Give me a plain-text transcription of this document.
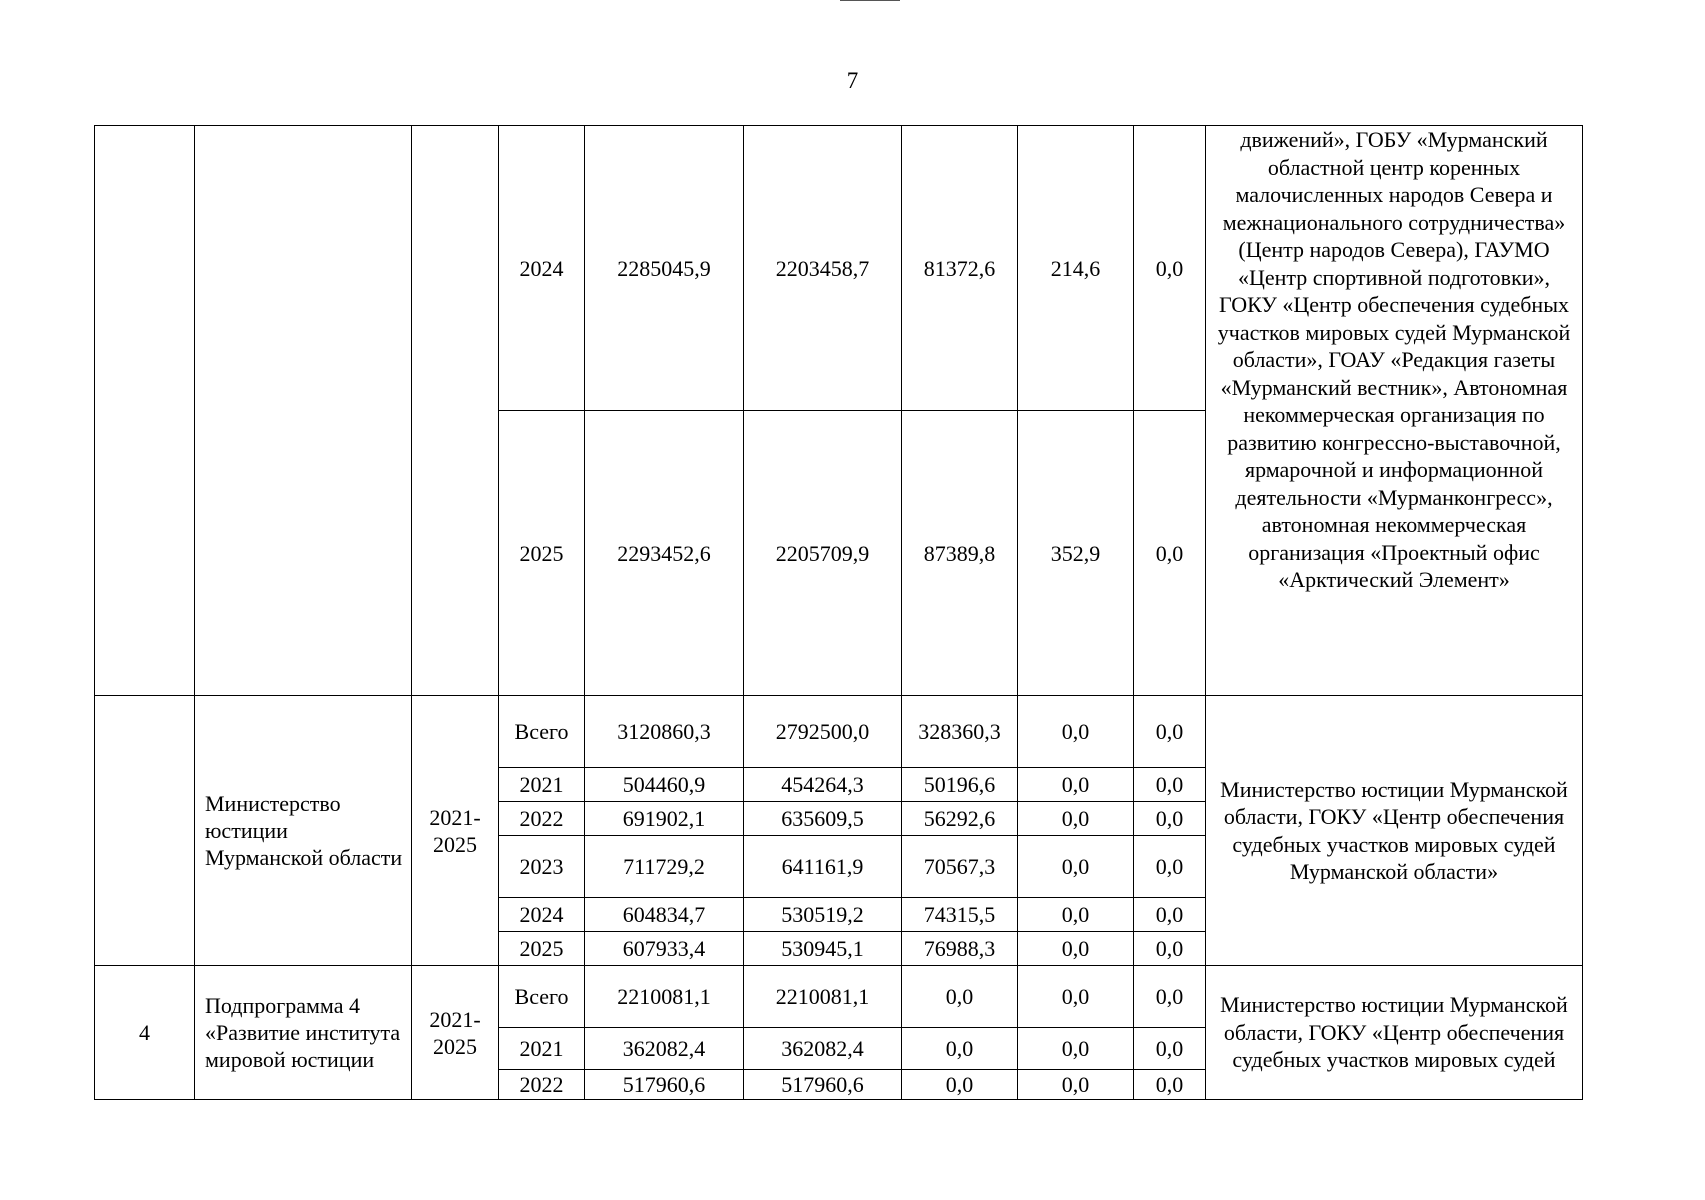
7
			2024	2285045,9	2203458,7	81372,6	214,6	0,0	движений», ГОБУ «Мурманский областной центр коренных малочисленных народов Севера и межнационального сотрудничества» (Центр народов Севера), ГАУМО «Центр спортивной подготовки», ГОКУ «Центр обеспечения судебных участков мировых судей Мурманской области», ГОАУ «Редакция газеты «Мурманский вестник», Автономная некоммерческая организация по развитию конгрессно-выставочной, ярмарочной и информационной деятельности «Мурманконгресс», автономная некоммерческая организация «Проектный офис «Арктический Элемент»
			2025	2293452,6	2205709,9	87389,8	352,9	0,0	
	Министерство юстиции Мурманской области	2021-2025	Всего	3120860,3	2792500,0	328360,3	0,0	0,0	Министерство юстиции Мурманской области, ГОКУ «Центр обеспечения судебных участков мировых судей Мурманской области»
			2021	504460,9	454264,3	50196,6	0,0	0,0	
			2022	691902,1	635609,5	56292,6	0,0	0,0	
			2023	711729,2	641161,9	70567,3	0,0	0,0	
			2024	604834,7	530519,2	74315,5	0,0	0,0	
			2025	607933,4	530945,1	76988,3	0,0	0,0	
4	Подпрограмма 4 «Развитие института мировой юстиции	2021-2025	Всего	2210081,1	2210081,1	0,0	0,0	0,0	Министерство юстиции Мурманской области, ГОКУ «Центр обеспечения судебных участков мировых судей
			2021	362082,4	362082,4	0,0	0,0	0,0	
			2022	517960,6	517960,6	0,0	0,0	0,0	
